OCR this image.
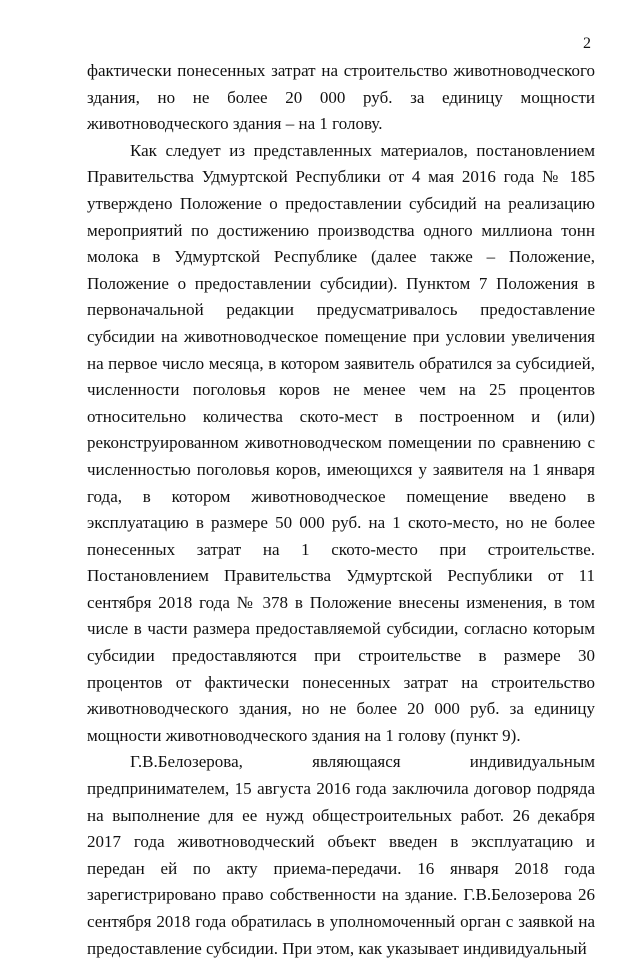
2

фактически понесенных затрат на строительство животноводческого здания, но не более 20 000 руб. за единицу мощности животноводческого здания – на 1 голову.

Как следует из представленных материалов, постановлением Правительства Удмуртской Республики от 4 мая 2016 года № 185 утверждено Положение о предоставлении субсидий на реализацию мероприятий по достижению производства одного миллиона тонн молока в Удмуртской Республике (далее также – Положение, Положение о предоставлении субсидии). Пунктом 7 Положения в первоначальной редакции предусматривалось предоставление субсидии на животноводческое помещение при условии увеличения на первое число месяца, в котором заявитель обратился за субсидией, численности поголовья коров не менее чем на 25 процентов относительно количества ското-мест в построенном и (или) реконструированном животноводческом помещении по сравнению с численностью поголовья коров, имеющихся у заявителя на 1 января года, в котором животноводческое помещение введено в эксплуатацию в размере 50 000 руб. на 1 ското-место, но не более понесенных затрат на 1 ското-место при строительстве. Постановлением Правительства Удмуртской Республики от 11 сентября 2018 года № 378 в Положение внесены изменения, в том числе в части размера предоставляемой субсидии, согласно которым субсидии предоставляются при строительстве в размере 30 процентов от фактически понесенных затрат на строительство животноводческого здания, но не более 20 000 руб. за единицу мощности животноводческого здания на 1 голову (пункт 9).

Г.В.Белозерова, являющаяся индивидуальным предпринимателем, 15 августа 2016 года заключила договор подряда на выполнение для ее нужд общестроительных работ. 26 декабря 2017 года животноводческий объект введен в эксплуатацию и передан ей по акту приема-передачи. 16 января 2018 года зарегистрировано право собственности на здание. Г.В.Белозерова 26 сентября 2018 года обратилась в уполномоченный орган с заявкой на предоставление субсидии. При этом, как указывает индивидуальный
